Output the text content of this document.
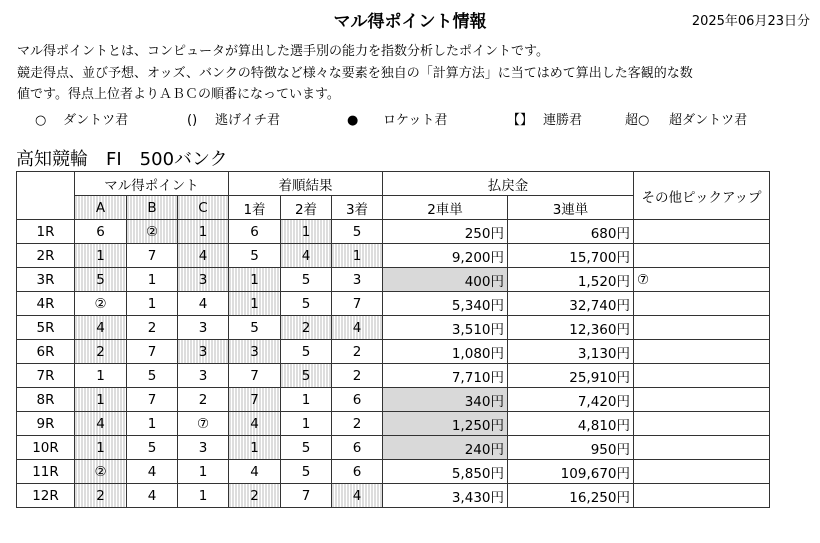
マル得ポイント情報	2025年06月23日分
マル得ポイントとは、コンピュータが算出した選手別の能力を指数分析したポイントです。
競走得点、並び予想、オッズ、バンクの特徴など様々な要素を独自の「計算方法」に当てはめて算出した客観的な数
値です。得点上位者よりＡＢＣの順番になっています。
○ ダントツ君	() 逃げイチ君	● ロケット君	【】 連勝君	超○ 超ダントツ君
高知競輪　FI　500バンク
	マル得ポイント			着順結果			払戻金		その他ピックアップ
	A	B	C	1着	2着	3着	2車単	3連単	
1R	6	②	1	6	1	5	250円	680円	
2R	1	7	4	5	4	1	9,200円	15,700円	
3R	5	1	3	1	5	3	400円	1,520円	⑦
4R	②	1	4	1	5	7	5,340円	32,740円	
5R	4	2	3	5	2	4	3,510円	12,360円	
6R	2	7	3	3	5	2	1,080円	3,130円	
7R	1	5	3	7	5	2	7,710円	25,910円	
8R	1	7	2	7	1	6	340円	7,420円	
9R	4	1	⑦	4	1	2	1,250円	4,810円	
10R	1	5	3	1	5	6	240円	950円	
11R	②	4	1	4	5	6	5,850円	109,670円	
12R	2	4	1	2	7	4	3,430円	16,250円	
